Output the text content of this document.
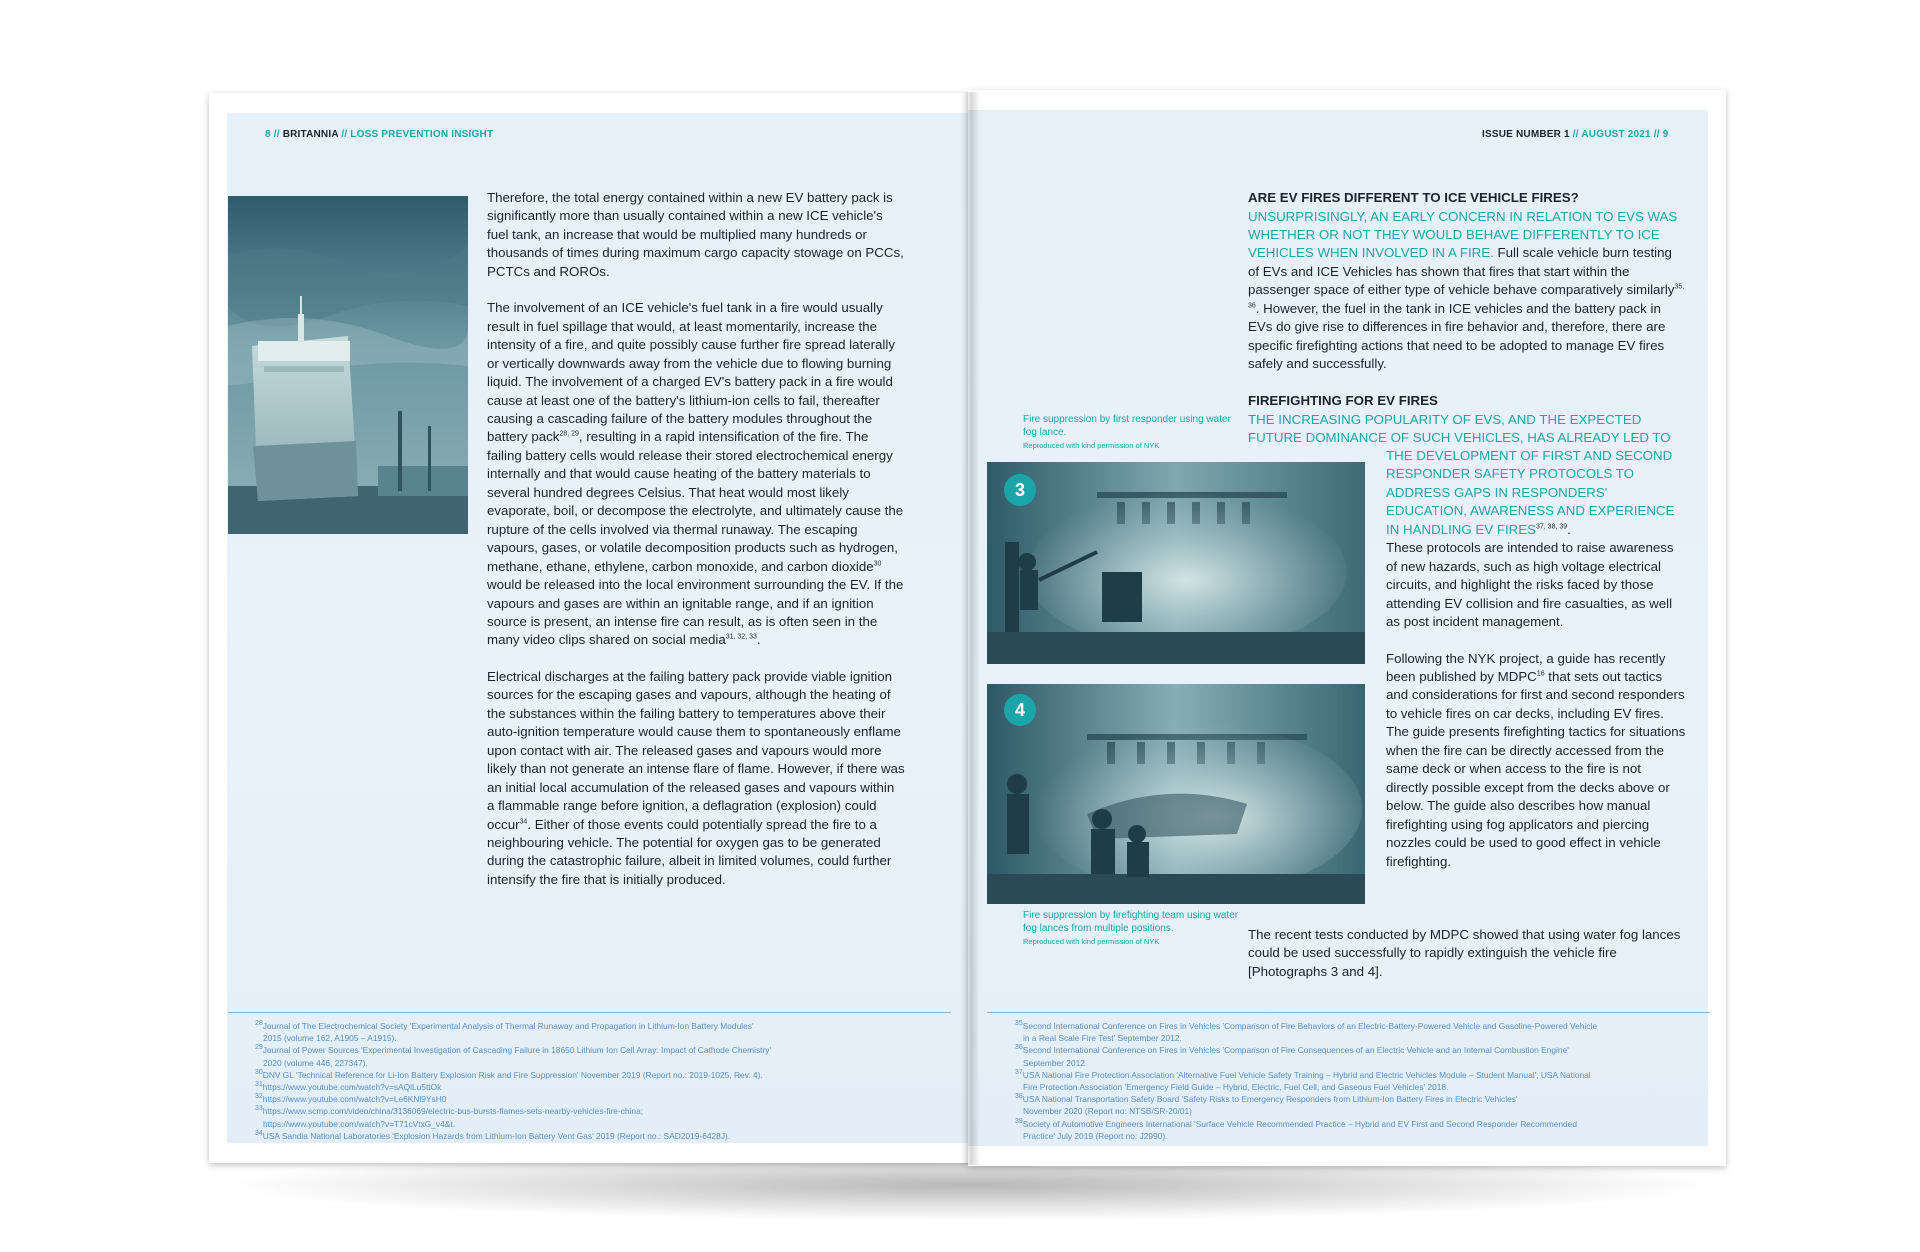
8 // BRITANNIA // LOSS PREVENTION INSIGHT

Therefore, the total energy contained within a new EV battery pack is significantly more than usually contained within a new ICE vehicle's fuel tank, an increase that would be multiplied many hundreds or thousands of times during maximum cargo capacity stowage on PCCs, PCTCs and ROROs.

The involvement of an ICE vehicle's fuel tank in a fire would usually result in fuel spillage that would, at least momentarily, increase the intensity of a fire, and quite possibly cause further fire spread laterally or vertically downwards away from the vehicle due to flowing burning liquid. The involvement of a charged EV's battery pack in a fire would cause at least one of the battery's lithium-ion cells to fail, thereafter causing a cascading failure of the battery modules throughout the battery pack$^{28, 29}$, resulting in a rapid intensification of the fire. The failing battery cells would release their stored electrochemical energy internally and that would cause heating of the battery materials to several hundred degrees Celsius. That heat would most likely evaporate, boil, or decompose the electrolyte, and ultimately cause the rupture of the cells involved via thermal runaway. The escaping vapours, gases, or volatile decomposition products such as hydrogen, methane, ethane, ethylene, carbon monoxide, and carbon dioxide$^{30}$ would be released into the local environment surrounding the EV. If the vapours and gases are within an ignitable range, and if an ignition source is present, an intense fire can result, as is often seen in the many video clips shared on social media$^{31, 32, 33}$.

Electrical discharges at the failing battery pack provide viable ignition sources for the escaping gases and vapours, although the heating of the substances within the failing battery to temperatures above their auto-ignition temperature would cause them to spontaneously enflame upon contact with air. The released gases and vapours would more likely than not generate an intense flare of flame. However, if there was an initial local accumulation of the released gases and vapours within a flammable range before ignition, a deflagration (explosion) could occur$^{34}$. Either of those events could potentially spread the fire to a neighbouring vehicle. The potential for oxygen gas to be generated during the catastrophic failure, albeit in limited volumes, could further intensify the fire that is initially produced.

$^{28}$Journal of The Electrochemical Society 'Experimental Analysis of Thermal Runaway and Propagation in Lithium-Ion Battery Modules'
2015 (volume 162, A1905 – A1915).
$^{29}$Journal of Power Sources 'Experimental Investigation of Cascading Failure in 18650 Lithium Ion Cell Array: Impact of Cathode Chemistry'
2020 (volume 446, 227347).
$^{30}$DNV GL 'Technical Reference for Li-Ion Battery Explosion Risk and Fire Suppression' November 2019 (Report no.: 2019-1025, Rev. 4).
$^{31}$https://www.youtube.com/watch?v=sAQlLu5ttOk
$^{32}$https://www.youtube.com/watch?v=Le6KNl9YsH0
$^{33}$https://www.scmp.com/video/china/3136069/electric-bus-bursts-flames-sets-nearby-vehicles-fire-china;
https://www.youtube.com/watch?v=T71cVtxG_v4&t.
$^{34}$USA Sandia National Laboratories 'Explosion Hazards from Lithium-Ion Battery Vent Gas' 2019 (Report no.: SAD2019-6428J).
ISSUE NUMBER 1 // AUGUST 2021 // 9
ARE EV FIRES DIFFERENT TO ICE VEHICLE FIRES?
UNSURPRISINGLY, AN EARLY CONCERN IN RELATION TO EVS WAS WHETHER OR NOT THEY WOULD BEHAVE DIFFERENTLY TO ICE VEHICLES WHEN INVOLVED IN A FIRE. Full scale vehicle burn testing of EVs and ICE Vehicles has shown that fires that start within the passenger space of either type of vehicle behave comparatively similarly$^{35, 36}$. However, the fuel in the tank in ICE vehicles and the battery pack in EVs do give rise to differences in fire behavior and, therefore, there are specific firefighting actions that need to be adopted to manage EV fires safely and successfully.
FIREFIGHTING FOR EV FIRES
THE INCREASING POPULARITY OF EVS, AND THE EXPECTED FUTURE DOMINANCE OF SUCH VEHICLES, HAS ALREADY LED TO

THE DEVELOPMENT OF FIRST AND SECOND RESPONDER SAFETY PROTOCOLS TO ADDRESS GAPS IN RESPONDERS' EDUCATION, AWARENESS AND EXPERIENCE IN HANDLING EV FIRES$^{37, 38, 39}$.

These protocols are intended to raise awareness of new hazards, such as high voltage electrical circuits, and highlight the risks faced by those attending EV collision and fire casualties, as well as post incident management.

Following the NYK project, a guide has recently been published by MDPC$^{16}$ that sets out tactics and considerations for first and second responders to vehicle fires on car decks, including EV fires. The guide presents firefighting tactics for situations when the fire can be directly accessed from the same deck or when access to the fire is not directly possible except from the decks above or below. The guide also describes how manual firefighting using fog applicators and piercing nozzles could be used to good effect in vehicle firefighting.

The recent tests conducted by MDPC showed that using water fog lances could be used successfully to rapidly extinguish the vehicle fire [Photographs 3 and 4].

Fire suppression by first responder using water fog lance.
Reproduced with kind permission of NYK
3
4
Fire suppression by firefighting team using water fog lances from multiple positions.
Reproduced with kind permission of NYK
$^{35}$Second International Conference on Fires in Vehicles 'Comparison of Fire Behaviors of an Electric-Battery-Powered Vehicle and Gasoline-Powered Vehicle
in a Real Scale Fire Test' September 2012.
$^{36}$Second International Conference on Fires in Vehicles 'Comparison of Fire Consequences of an Electric Vehicle and an Internal Combustion Engine'
September 2012.
$^{37}$USA National Fire Protection Association 'Alternative Fuel Vehicle Safety Training – Hybrid and Electric Vehicles Module – Student Manual'; USA National
Fire Protection Association 'Emergency Field Guide – Hybrid, Electric, Fuel Cell, and Gaseous Fuel Vehicles' 2018.
$^{38}$USA National Transportation Safety Board 'Safety Risks to Emergency Responders from Lithium-Ion Battery Fires in Electric Vehicles'
November 2020 (Report no: NTSB/SR-20/01)
$^{39}$Society of Automotive Engineers International 'Surface Vehicle Recommended Practice – Hybrid and EV First and Second Responder Recommended
Practice' July 2019 (Report no: J2990).
